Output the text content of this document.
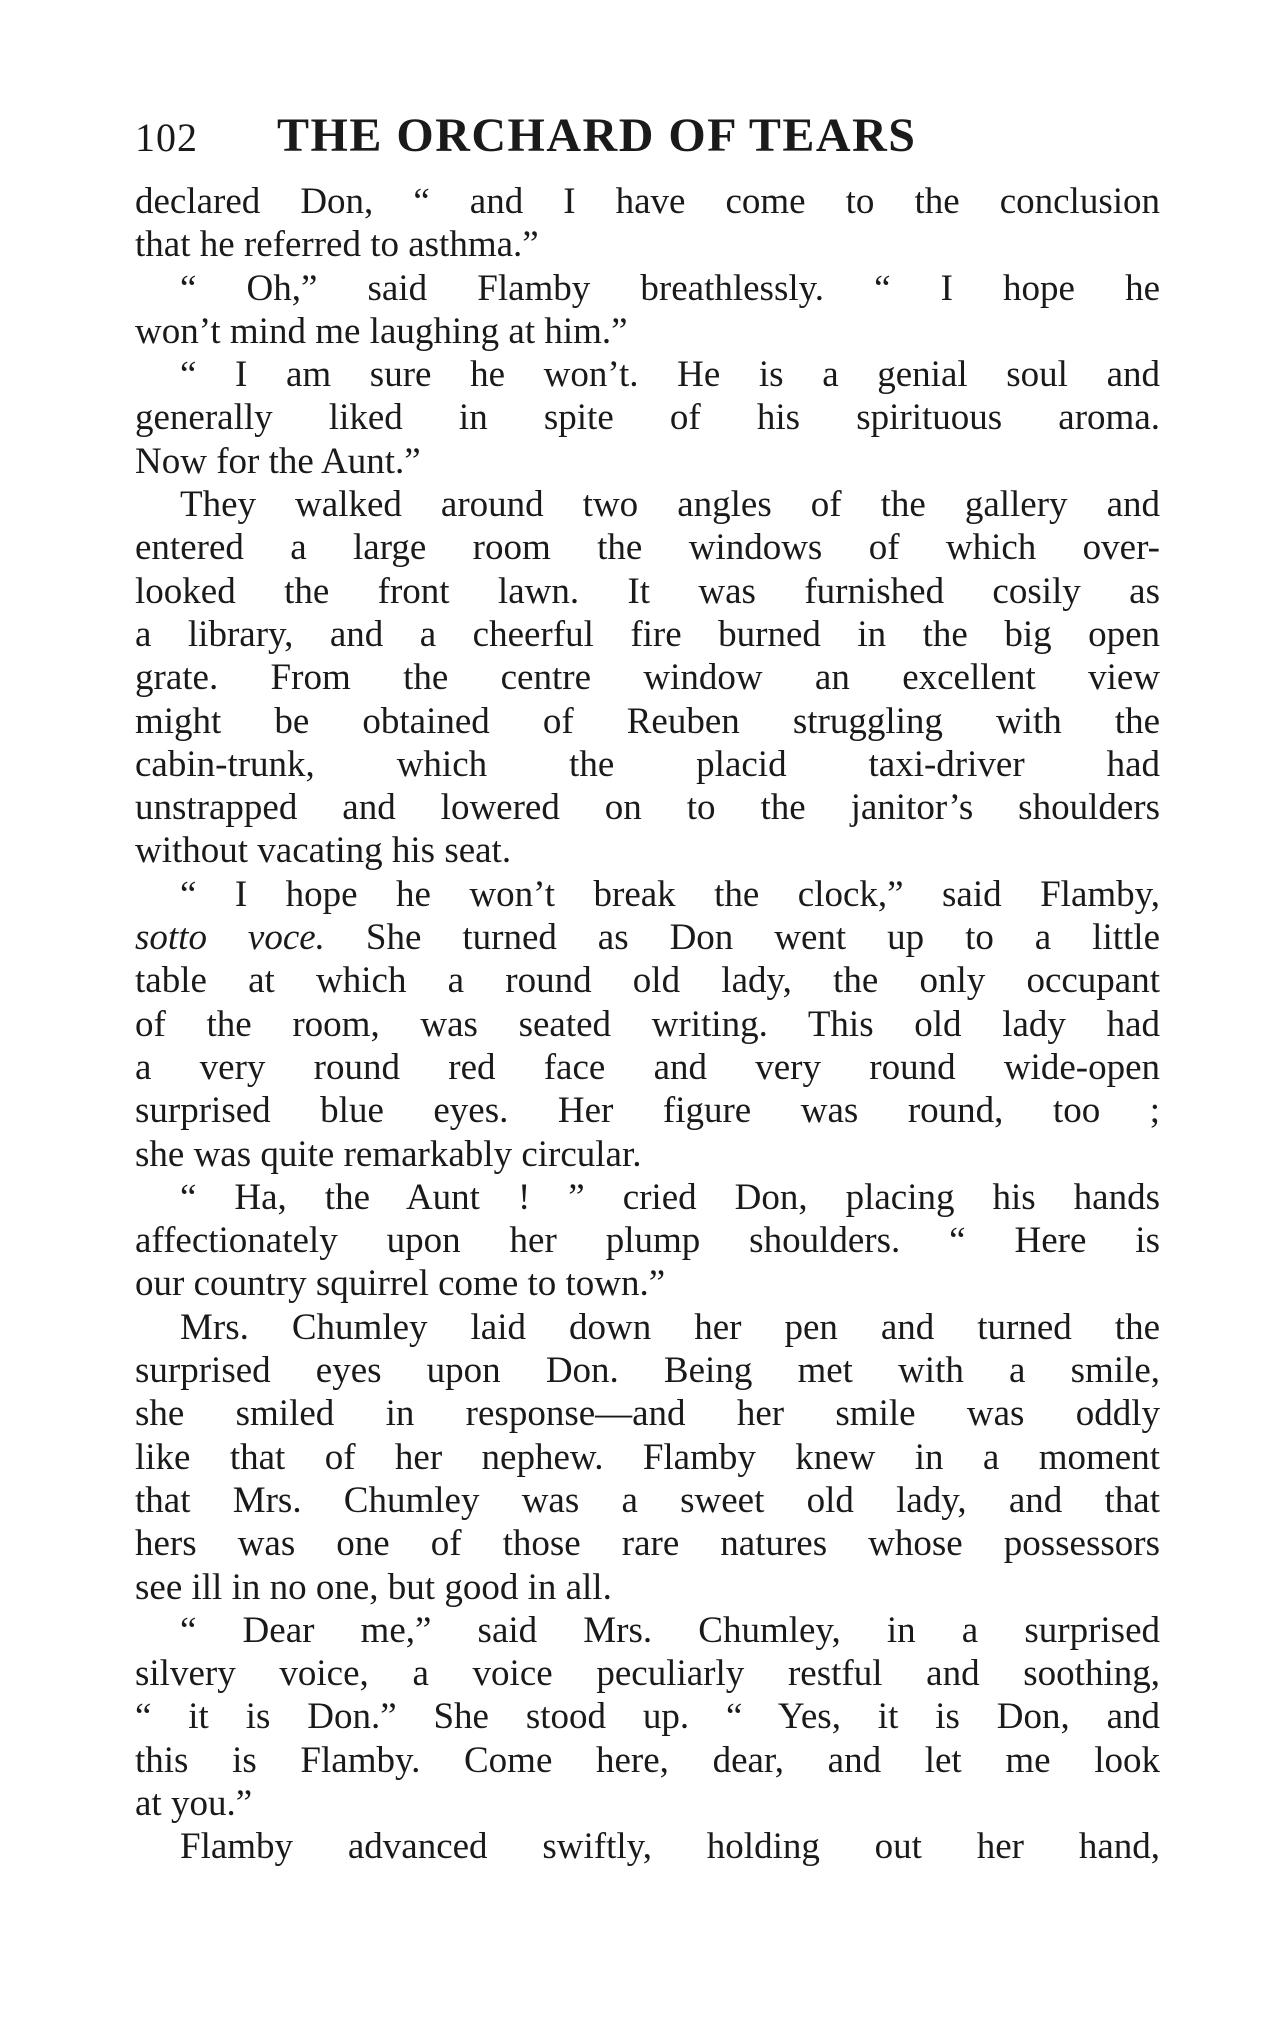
102 THE ORCHARD OF TEARS
declared Don, “ and I have come to the conclusion
that he referred to asthma.”
“ Oh,” said Flamby breathlessly. “ I hope he
won’t mind me laughing at him.”
“ I am sure he won’t. He is a genial soul and
generally liked in spite of his spirituous aroma.
Now for the Aunt.”
They walked around two angles of the gallery and
entered a large room the windows of which over-
looked the front lawn. It was furnished cosily as
a library, and a cheerful fire burned in the big open
grate. From the centre window an excellent view
might be obtained of Reuben struggling with the
cabin-trunk, which the placid taxi-driver had
unstrapped and lowered on to the janitor’s shoulders
without vacating his seat.
“ I hope he won’t break the clock,” said Flamby,
sotto voce. She turned as Don went up to a little
table at which a round old lady, the only occupant
of the room, was seated writing. This old lady had
a very round red face and very round wide-open
surprised blue eyes. Her figure was round, too ;
she was quite remarkably circular.
“ Ha, the Aunt ! ” cried Don, placing his hands
affectionately upon her plump shoulders. “ Here is
our country squirrel come to town.”
Mrs. Chumley laid down her pen and turned the
surprised eyes upon Don. Being met with a smile,
she smiled in response—and her smile was oddly
like that of her nephew. Flamby knew in a moment
that Mrs. Chumley was a sweet old lady, and that
hers was one of those rare natures whose possessors
see ill in no one, but good in all.
“ Dear me,” said Mrs. Chumley, in a surprised
silvery voice, a voice peculiarly restful and soothing,
“ it is Don.” She stood up. “ Yes, it is Don, and
this is Flamby. Come here, dear, and let me look
at you.”
Flamby advanced swiftly, holding out her hand,
